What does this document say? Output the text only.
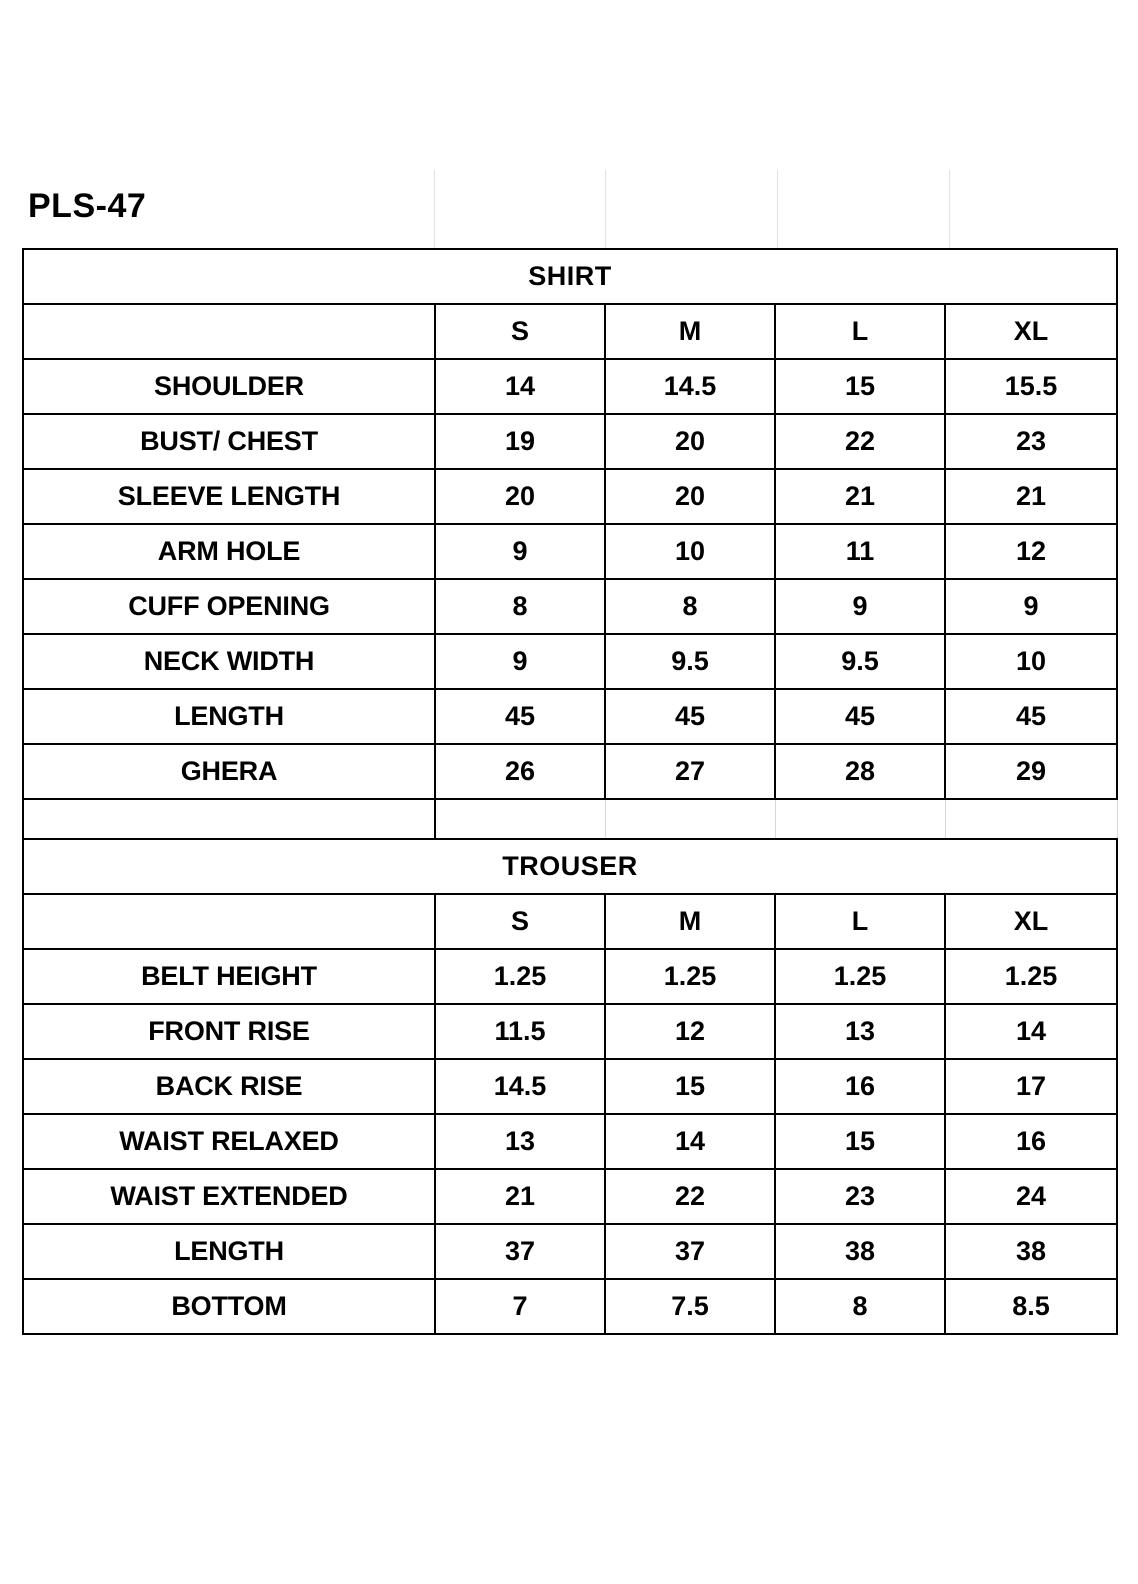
PLS-47
SHIRT				
	S	M	L	XL
SHOULDER	14	14.5	15	15.5
BUST/ CHEST	19	20	22	23
SLEEVE LENGTH	20	20	21	21
ARM HOLE	9	10	11	12
CUFF OPENING	8	8	9	9
NECK WIDTH	9	9.5	9.5	10
LENGTH	45	45	45	45
GHERA	26	27	28	29

TROUSER				
	S	M	L	XL
BELT HEIGHT	1.25	1.25	1.25	1.25
FRONT RISE	11.5	12	13	14
BACK RISE	14.5	15	16	17
WAIST RELAXED	13	14	15	16
WAIST EXTENDED	21	22	23	24
LENGTH	37	37	38	38
BOTTOM	7	7.5	8	8.5
